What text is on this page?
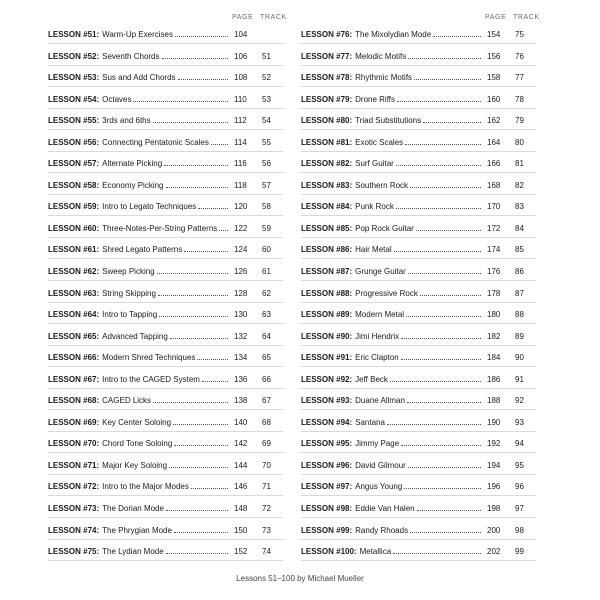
PAGE TRACK
LESSON #51: Warm-Up Exercises	104
LESSON #52: Seventh Chords	106	51
LESSON #53: Sus and Add Chords	108	52
LESSON #54: Octaves	110	53
LESSON #55: 3rds and 6ths	112	54
LESSON #56: Connecting Pentatonic Scales	114	55
LESSON #57: Alternate Picking	116	56
LESSON #58: Economy Picking	118	57
LESSON #59: Intro to Legato Techniques	120	58
LESSON #60: Three-Notes-Per-String Patterns 122	59
LESSON #61: Shred Legato Patterns	124	60
LESSON #62: Sweep Picking	126	61
LESSON #63: String Skipping	128	62
LESSON #64: Intro to Tapping	130	63
LESSON #65: Advanced Tapping	132	64
LESSON #66: Modern Shred Techniques	134	65
LESSON #67: Intro to the CAGED System	136	66
LESSON #68: CAGED Licks	138	67
LESSON #69: Key Center Soloing	140	68
LESSON #70: Chord Tone Soloing	142	69
LESSON #71: Major Key Soloing	144	70
LESSON #72: Intro to the Major Modes	146	71
LESSON #73: The Dorian Mode	148	72
LESSON #74: The Phrygian Mode	150	73
LESSON #75: The Lydian Mode	152	74
PAGE TRACK
LESSON #76: The Mixolydian Mode	154	75
LESSON #77: Melodic Motifs	156	76
LESSON #78: Rhythmic Motifs	158	77
LESSON #79: Drone Riffs	160	78
LESSON #80: Triad Substitutions	162	79
LESSON #81: Exotic Scales	164	80
LESSON #82: Surf Guitar	166	81
LESSON #83: Southern Rock	168	82
LESSON #84: Punk Rock	170	83
LESSON #85: Pop Rock Guitar	172	84
LESSON #86: Hair Metal	174	85
LESSON #87: Grunge Guitar	176	86
LESSON #88: Progressive Rock	178	87
LESSON #89: Modern Metal	180	88
LESSON #90: Jimi Hendrix	182	89
LESSON #91: Eric Clapton	184	90
LESSON #92: Jeff Beck	186	91
LESSON #93: Duane Allman	188	92
LESSON #94: Santana	190	93
LESSON #95: Jimmy Page	192	94
LESSON #96: David Gilmour	194	95
LESSON #97: Angus Young	196	96
LESSON #98: Eddie Van Halen	198	97
LESSON #99: Randy Rhoads	200	98
LESSON #100: Metallica	202	99
Lessons 51–100 by Michael Mueller
